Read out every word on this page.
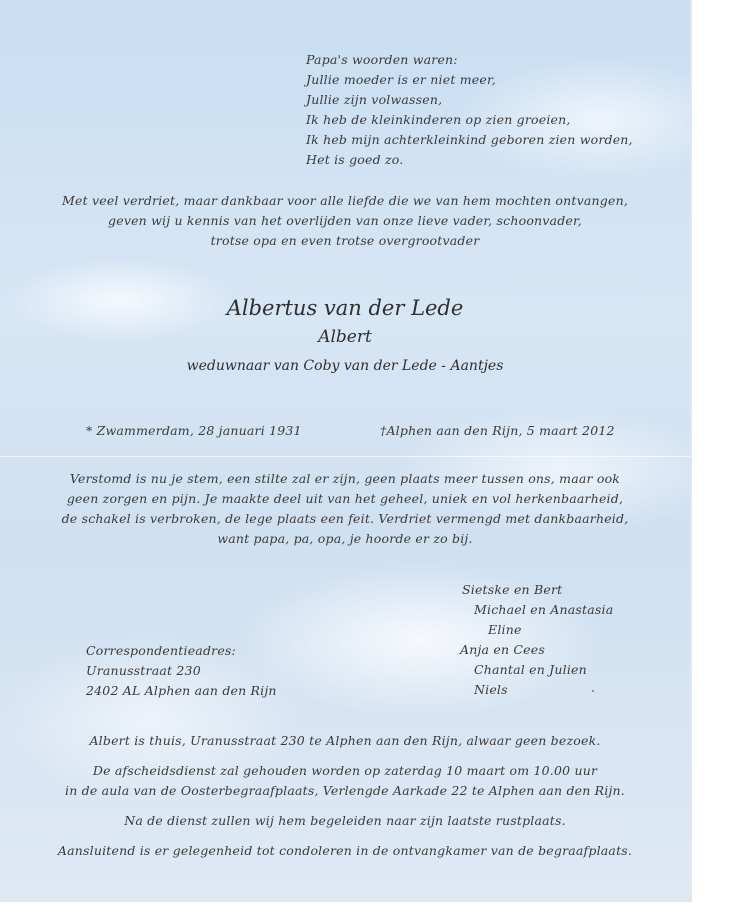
Papa's woorden waren:
Jullie moeder is er niet meer,
Jullie zijn volwassen,
Ik heb de kleinkinderen op zien groeien,
Ik heb mijn achterkleinkind geboren zien worden,
Het is goed zo.
Met veel verdriet, maar dankbaar voor alle liefde die we van hem mochten ontvangen,
geven wij u kennis van het overlijden van onze lieve vader, schoonvader,
trotse opa en even trotse overgrootvader
Albertus van der Lede
Albert
weduwnaar van Coby van der Lede - Aantjes
* Zwammerdam, 28 januari 1931	†Alphen aan den Rijn, 5 maart 2012
Verstomd is nu je stem, een stilte zal er zijn, geen plaats meer tussen ons, maar ook
geen zorgen en pijn. Je maakte deel uit van het geheel, uniek en vol herkenbaarheid,
de schakel is verbroken, de lege plaats een feit. Verdriet vermengd met dankbaarheid,
want papa, pa, opa, je hoorde er zo bij.
Sietske en Bert
Michael en Anastasia
Eline
Anja en Cees
Chantal en Julien
Niels
Correspondentieadres:
Uranusstraat 230
2402 AL Alphen aan den Rijn
Albert is thuis, Uranusstraat 230 te Alphen aan den Rijn, alwaar geen bezoek.
De afscheidsdienst zal gehouden worden op zaterdag 10 maart om 10.00 uur
in de aula van de Oosterbegraafplaats, Verlengde Aarkade 22 te Alphen aan den Rijn.
Na de dienst zullen wij hem begeleiden naar zijn laatste rustplaats.
Aansluitend is er gelegenheid tot condoleren in de ontvangkamer van de begraafplaats.
